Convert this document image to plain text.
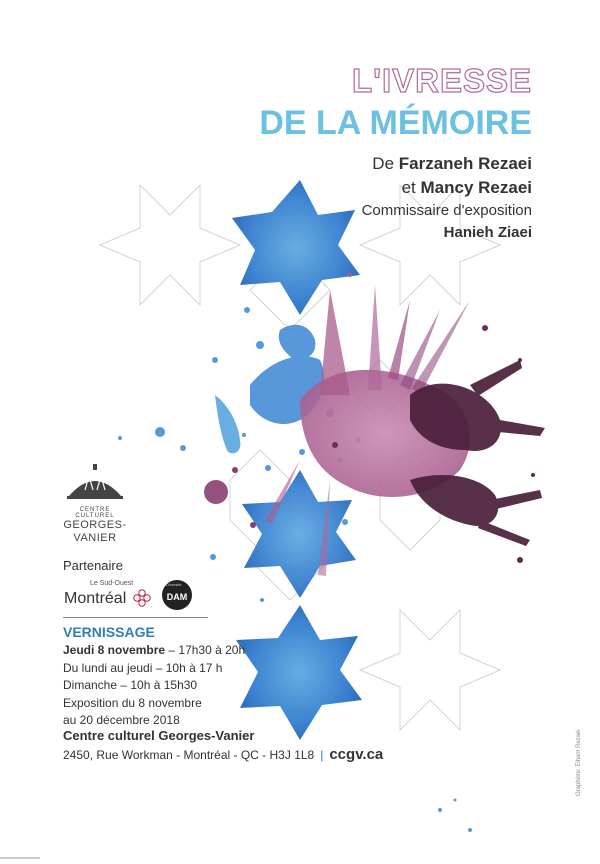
L'IVRESSE
DE LA MÉMOIRE
De Farzaneh Rezaei
et Mancy Rezaei
Commissaire d'exposition
Hanieh Ziaei
CENTRE CULTUREL
GEORGES-
VANIER
Partenaire
Le Sud-Ouest
Montréal	DAM
Diversité
VERNISSAGE
Jeudi 8 novembre – 17h30 à 20h
Du lundi au jeudi – 10h à 17 h
Dimanche – 10h à 15h30
Exposition du 8 novembre
au 20 décembre 2018
Centre culturel Georges-Vanier
2450, Rue Workman - Montréal - QC - H3J 1L8 | ccgv.ca	Graphiste: Elham Rezaei
